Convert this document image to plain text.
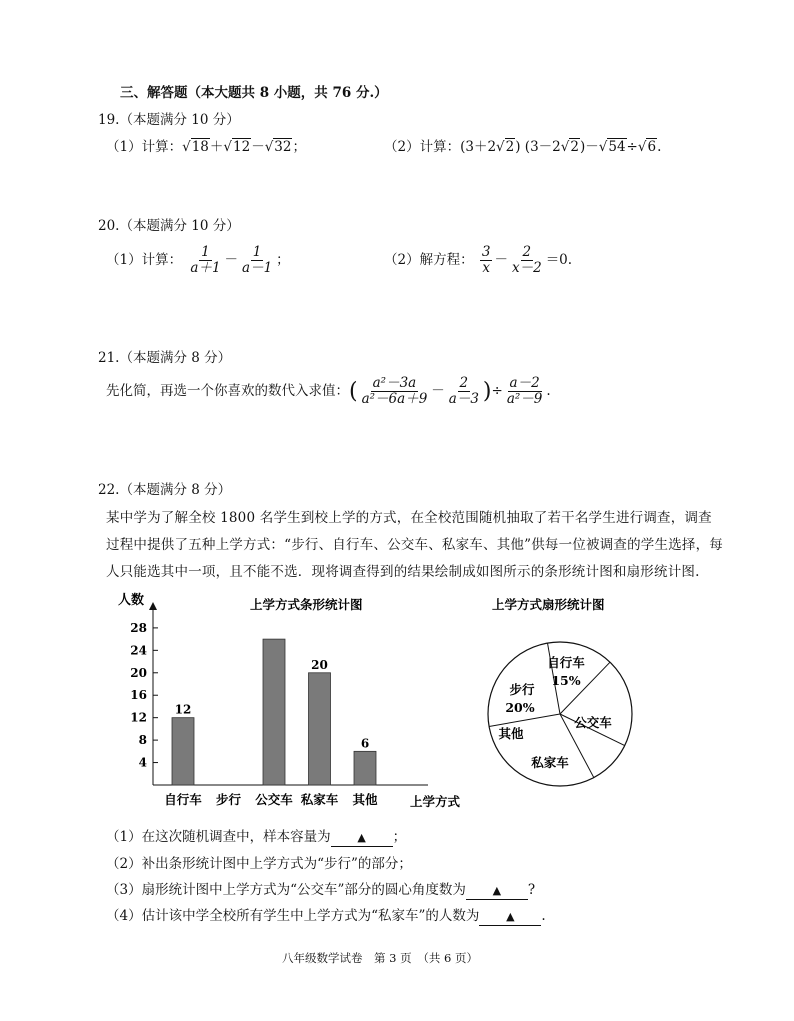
三、解答题（本大题共 8 小题，共 76 分.）
19.（本题满分 10 分）
（1）计算：√18＋√12－√32；	（2）计算：(3＋2√2) (3－2√2)－√54÷√6.
20.（本题满分 10 分）
（1）计算： $\frac{1}{a+1} - \frac{1}{a-1}$ ；	（2）解方程： $\frac{3}{x} - \frac{2}{x-2} =0$.
21.（本题满分 8 分）
先化简，再选一个你喜欢的数代入求值：( $\frac{\text{a²－3a}}{\text{a²－6a＋9}} - \frac{2}{a-3}$ )÷ $\frac{a-2}{\text{a²－9}}$ .
22.（本题满分 8 分）
某中学为了解全校 1800 名学生到校上学的方式，在全校范围随机抽取了若干名学生进行调查，调查
过程中提供了五种上学方式：“步行、自行车、公交车、私家车、其他”供每一位被调查的学生选择，每
人只能选其中一项，且不能不选．现将调查得到的结果绘制成如图所示的条形统计图和扇形统计图.
人数	上学方式条形统计图
4
8
12
16
20
24
28
12
20
6
自行车 步行 公交车 私家车 其他	上学方式
上学方式扇形统计图
自行车
15%
步行
20%
其他
私家车
公交车
（1）在这次随机调查中，样本容量为 ▲ ；
（2）补出条形统计图中上学方式为“步行”的部分；
（3）扇形统计图中上学方式为“公交车”部分的圆心角度数为 ▲ ?
（4）估计该中学全校所有学生中上学方式为“私家车”的人数为 ▲ .
八年级数学试卷　第 3 页　（共 6 页）
